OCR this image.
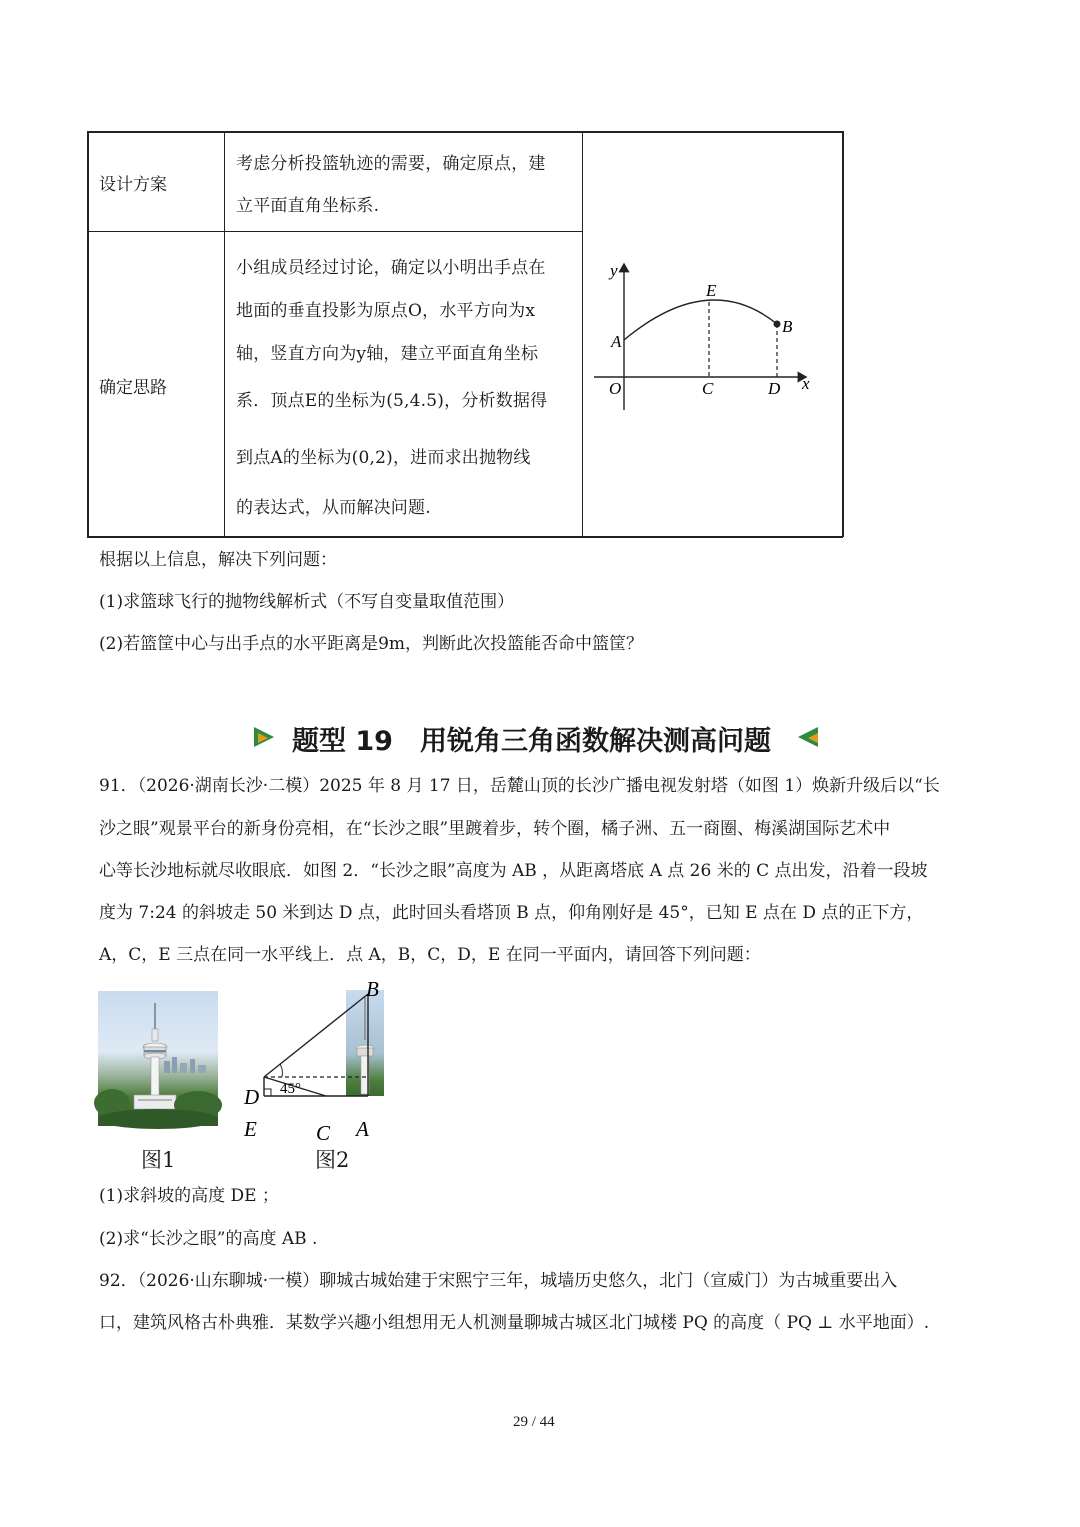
设计方案
考虑分析投篮轨迹的需要，确定原点，建
立平面直角坐标系.
确定思路
小组成员经过讨论，确定以小明出手点在
地面的垂直投影为原点O，水平方向为x
轴，竖直方向为y轴，建立平面直角坐标
系．顶点E的坐标为(5,4.5)，分析数据得
到点A的坐标为(0,2)，进而求出抛物线
的表达式，从而解决问题.
y
x
O
A
E
B
C	D
根据以上信息，解决下列问题：
(1)求篮球飞行的抛物线解析式（不写自变量取值范围）
(2)若篮筐中心与出手点的水平距离是9m，判断此次投篮能否命中篮筐？
题型 19　用锐角三角函数解决测高问题
91．（2026·湖南长沙·二模）2025 年 8 月 17 日，岳麓山顶的长沙广播电视发射塔（如图 1）焕新升级后以“长
沙之眼”观景平台的新身份亮相，在“长沙之眼”里踱着步，转个圈，橘子洲、五一商圈、梅溪湖国际艺术中
心等长沙地标就尽收眼底．如图 2．“长沙之眼”高度为 AB ，从距离塔底 A 点 26 米的 C 点出发，沿着一段坡
度为 7:24 的斜坡走 50 米到达 D 点，此时回头看塔顶 B 点，仰角刚好是 45°，已知 E 点在 D 点的正下方，
A，C，E 三点在同一水平线上．点 A，B，C，D，E 在同一平面内，请回答下列问题：
图1
B
D
E	C A
45°
图2
(1)求斜坡的高度 DE ；
(2)求“长沙之眼”的高度 AB .
92．（2026·山东聊城·一模）聊城古城始建于宋熙宁三年，城墙历史悠久，北门（宣威门）为古城重要出入
口，建筑风格古朴典雅．某数学兴趣小组想用无人机测量聊城古城区北门城楼 PQ 的高度（ PQ ⊥ 水平地面）.
29 / 44
